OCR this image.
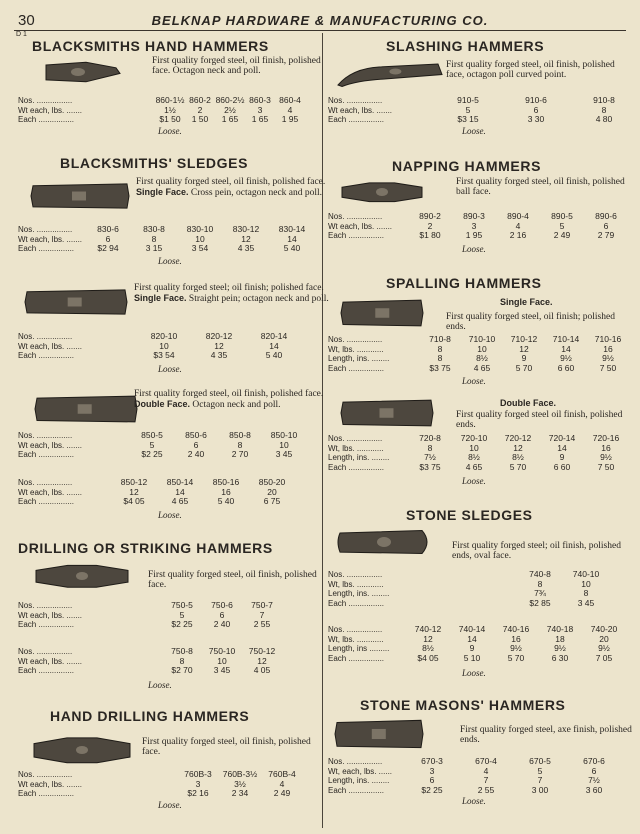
30	BELKNAP HARDWARE & MANUFACTURING CO.
D 1
BLACKSMITHS HAND HAMMERS
First quality forged steel, oil finish, polished face. Octagon neck and poll.
Nos. ................	860-1½ 860-2 860-2½ 860-3 860-4
Wt each, lbs. .......	1½	2	2½	3	4
Each ................	$1 50	1 50	1 65	1 65	1 95
Loose.
BLACKSMITHS' SLEDGES
First quality forged steel, oil finish, polished face. Single Face. Cross pein, octagon neck and poll.
Nos. ................	830-6	830-8	830-10	830-12	830-14
Wt each, lbs. .......	6	8	10	12	14
Each ................	$2 94	3 15	3 54	4 35	5 40
Loose.
First quality forged steel; oil finish; polished face. Single Face. Straight pein; octagon neck and poll.
Nos. ................	820-10	820-12	820-14
Wt each, lbs. .......	10	12	14
Each ................	$3 54	4 35	5 40
Loose.
First quality forged steel, oil finish, polished face. Double Face. Octagon neck and poll.
Nos. ................	850-5	850-6	850-8	850-10
Wt each, lbs. .......	5	6	8	10
Each ................	$2 25	2 40	2 70	3 45
Nos. ................	850-12	850-14	850-16	850-20
Wt each, lbs. .......	12	14	16	20
Each ................	$4 05	4 65	5 40	6 75
Loose.
DRILLING OR STRIKING HAMMERS
First quality forged steel, oil finish, polished face.
Nos. ................	750-5	750-6	750-7
Wt each, lbs. .......	5	6	7
Each ................	$2 25	2 40	2 55
Nos. ................	750-8	750-10	750-12
Wt each, lbs. .......	8	10	12
Each ................	$2 70	3 45	4 05
Loose.
HAND DRILLING HAMMERS
First quality forged steel, oil finish, polished face.
Nos. ................	760B-3	760B-3½	760B-4
Wt each, lbs. .......	3	3½	4
Each ................	$2 16	2 34	2 49
Loose.
SLASHING HAMMERS
First quality forged steel, oil finish, polished face, octagon poll curved point.
Nos. ................	910-5	910-6	910-8
Wt each, lbs. .......	5	6	8
Each ................	$3 15	3 30	4 80
Loose.
NAPPING HAMMERS
First quality forged steel, oil finish, polished ball face.
Nos. ................	890-2	890-3	890-4	890-5	890-6
Wt each, lbs. .......	2	3	4	5	6
Each ................	$1 80	1 95	2 16	2 49	2 79
Loose.
SPALLING HAMMERS
Single Face.
First quality forged steel, oil finish; polished ends.
Nos. ................	710-8	710-10	710-12	710-14	710-16
Wt, lbs. ............	8	10	12	14	16
Length, ins. ........	8	8½	9	9½	9½
Each ................	$3 75	4 65	5 70	6 60	7 50
Loose.
Double Face.
First quality forged steel oil finish, polished ends.
Nos. ................	720-8	720-10	720-12	720-14	720-16
Wt, lbs. ............	8	10	12	14	16
Length, ins. ........	7½	8½	8½	9	9½
Each ................	$3 75	4 65	5 70	6 60	7 50
Loose.
STONE SLEDGES
First quality forged steel; oil finish, polished ends, oval face.
Nos. ................	740-8	740-10
Wt, lbs. ............	8	10
Length, ins. ........	7¾	8
Each ................	$2 85	3 45
Nos. ................	740-12	740-14	740-16	740-18	740-20
Wt, lbs. ............	12	14	16	18	20
Length, ins .........	8½	9	9½	9½	9½
Each ................	$4 05	5 10	5 70	6 30	7 05
Loose.
STONE MASONS' HAMMERS
First quality forged steel, axe finish, polished ends.
Nos. ................	670-3	670-4	670-5	670-6
Wt, each, lbs. ......	3	4	5	6
Length, ins. ........	6	7	7	7½
Each ................	$2 25	2 55	3 00	3 60
Loose.
